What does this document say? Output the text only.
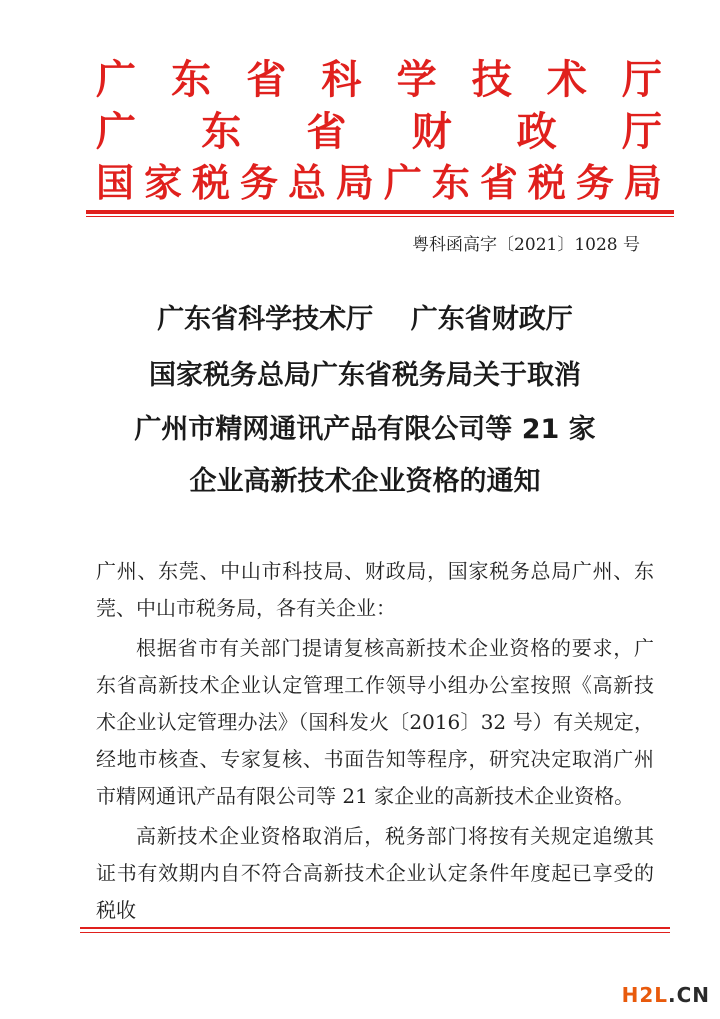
广 东 省 科 学 技 术 厅
广 东 省 财 政 厅
国 家 税 务 总 局 广 东 省 税 务 局
粤科函高字〔2021〕1028 号
广东省科学技术厅    广东省财政厅
国家税务总局广东省税务局关于取消
广州市精网通讯产品有限公司等 21 家
企业高新技术企业资格的通知

广州、东莞、中山市科技局、财政局，国家税务总局广州、东莞、中山市税务局，各有关企业：

根据省市有关部门提请复核高新技术企业资格的要求，广东省高新技术企业认定管理工作领导小组办公室按照《高新技术企业认定管理办法》（国科发火〔2016〕32 号）有关规定，经地市核查、专家复核、书面告知等程序，研究决定取消广州市精网通讯产品有限公司等 21 家企业的高新技术企业资格。

高新技术企业资格取消后，税务部门将按有关规定追缴其证书有效期内自不符合高新技术企业认定条件年度起已享受的税收

H2L.CN
